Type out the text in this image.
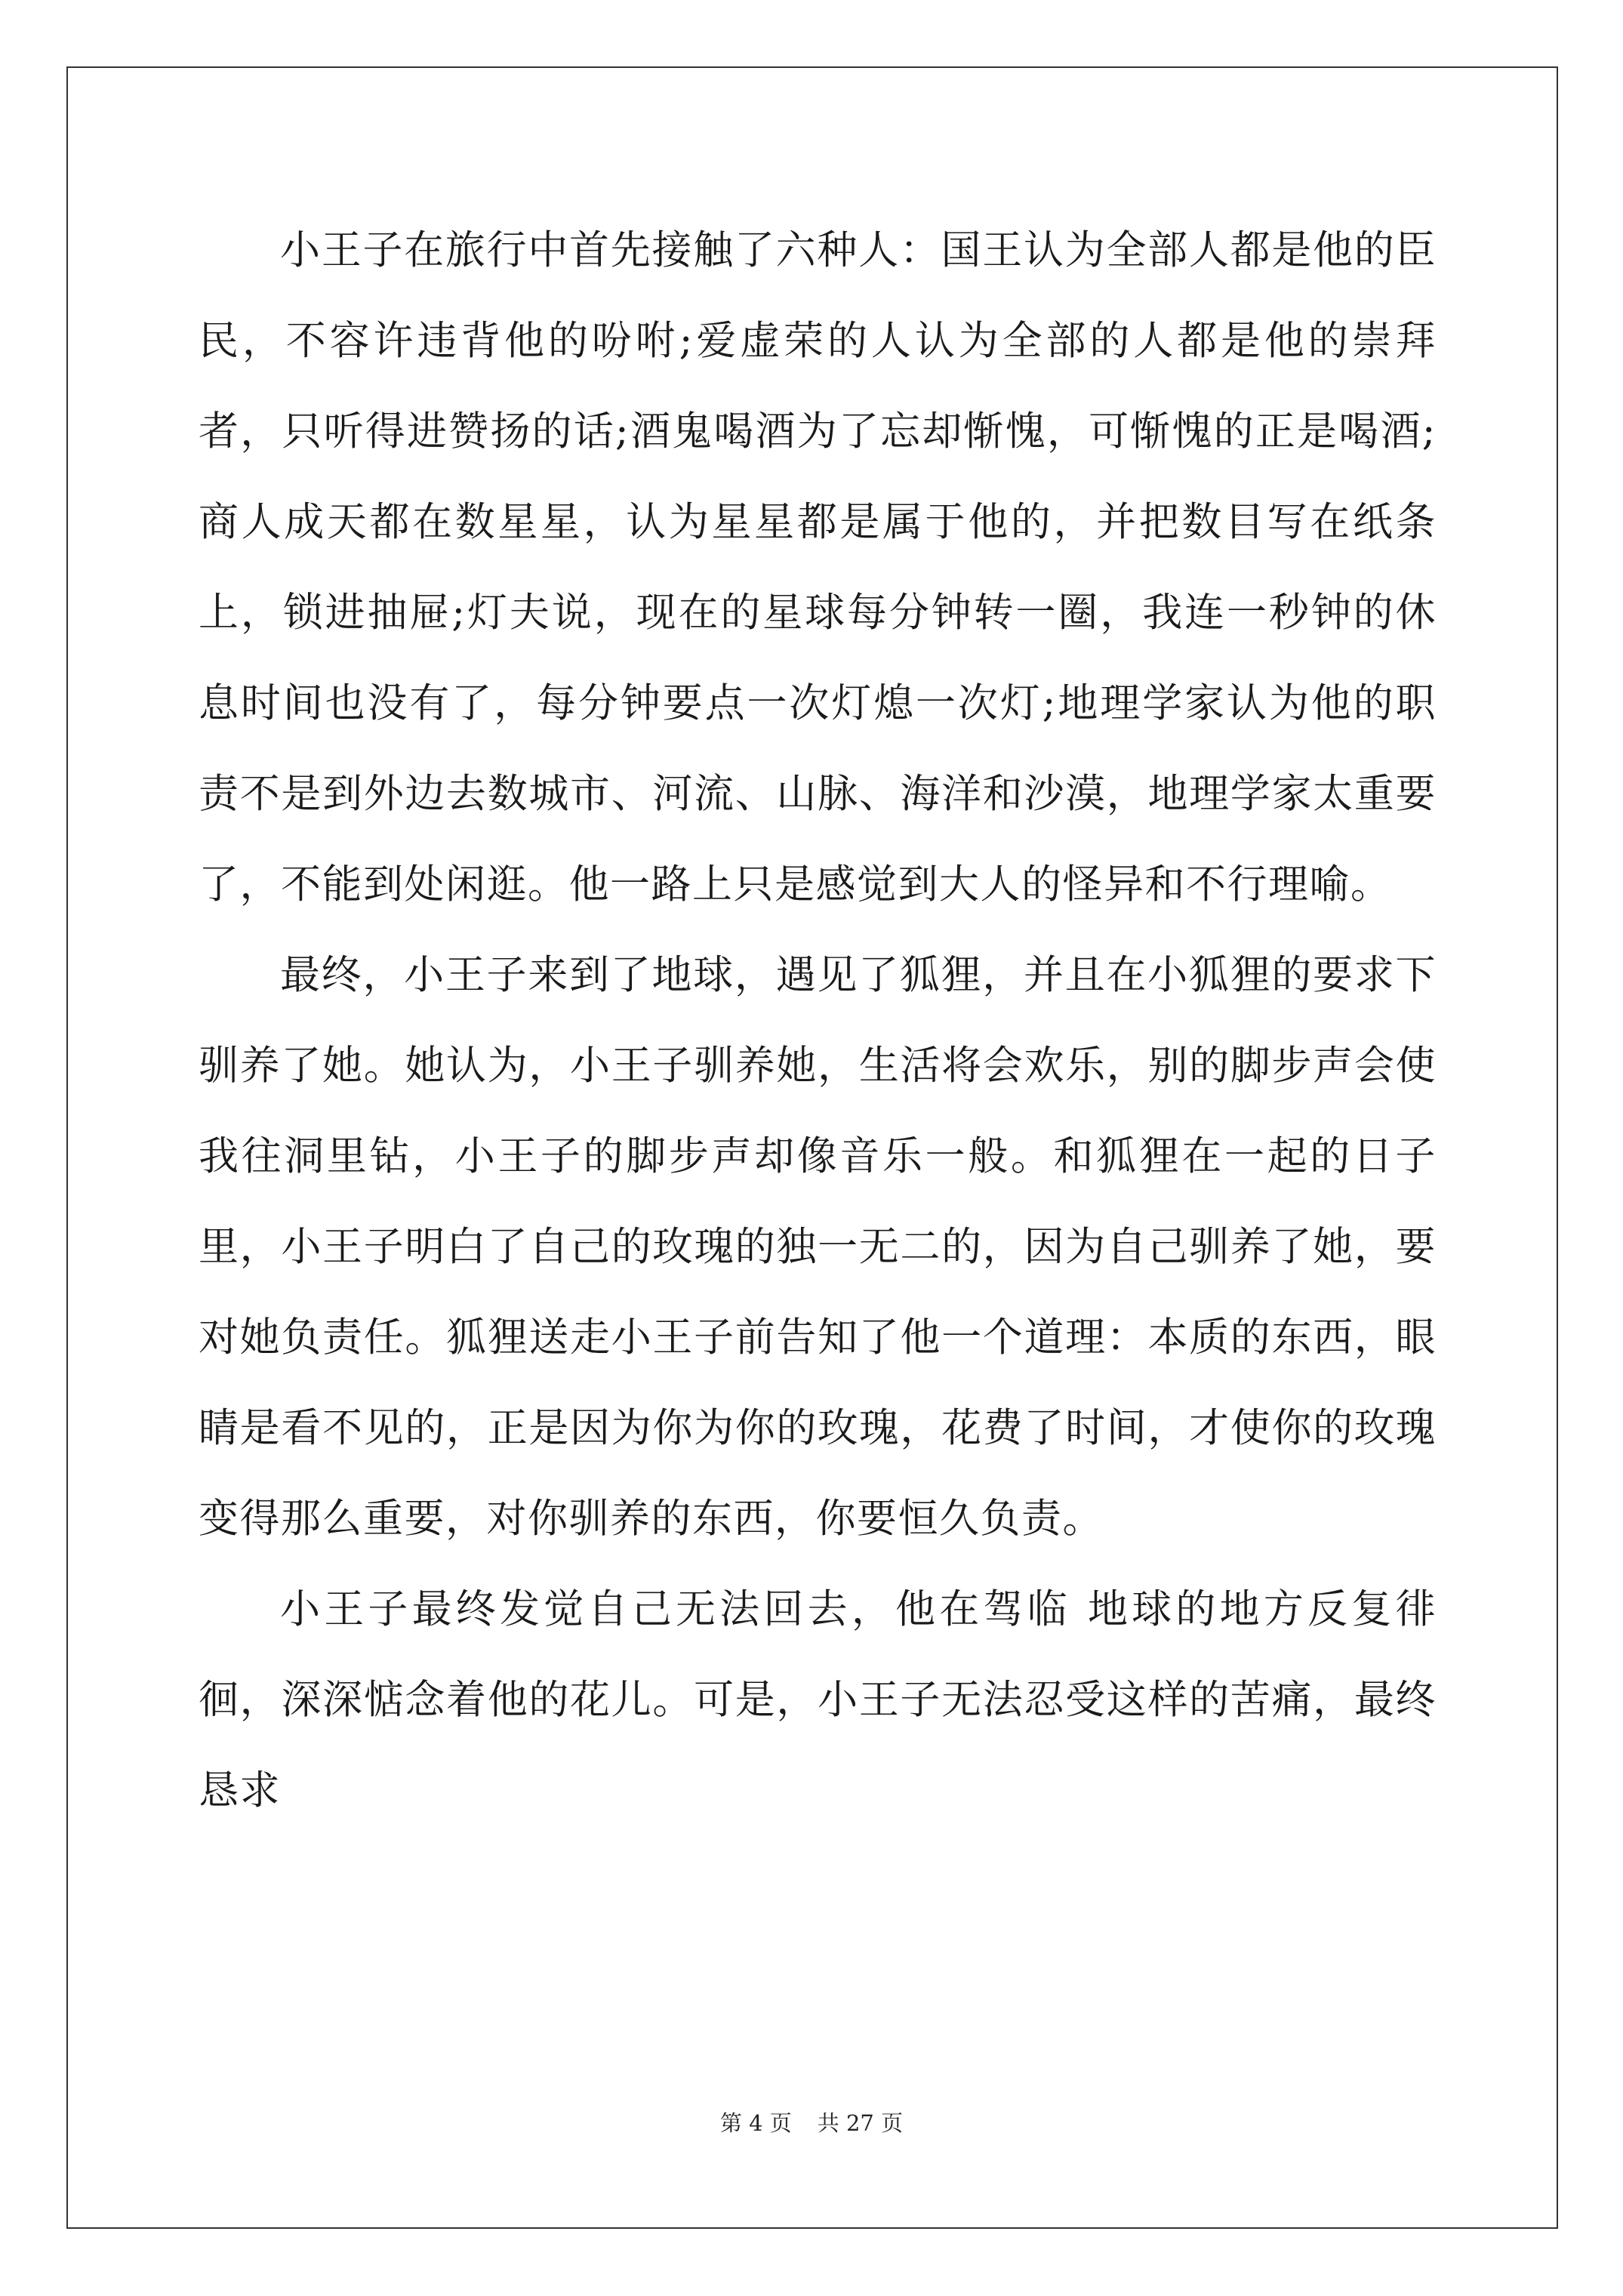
小王子在旅行中首先接触了六种人：国王认为全部人都是他的臣民，不容许违背他的吩咐;爱虚荣的人认为全部的人都是他的崇拜者，只听得进赞扬的话;酒鬼喝酒为了忘却惭愧，可惭愧的正是喝酒;商人成天都在数星星，认为星星都是属于他的，并把数目写在纸条上，锁进抽屉;灯夫说，现在的星球每分钟转一圈，我连一秒钟的休息时间也没有了，每分钟要点一次灯熄一次灯;地理学家认为他的职责不是到外边去数城市、河流、山脉、海洋和沙漠，地理学家太重要了，不能到处闲逛。他一路上只是感觉到大人的怪异和不行理喻。

最终，小王子来到了地球，遇见了狐狸，并且在小狐狸的要求下驯养了她。她认为，小王子驯养她，生活将会欢乐，别的脚步声会使我往洞里钻，小王子的脚步声却像音乐一般。和狐狸在一起的日子里，小王子明白了自己的玫瑰的独一无二的，因为自己驯养了她，要对她负责任。狐狸送走小王子前告知了他一个道理：本质的东西，眼睛是看不见的，正是因为你为你的玫瑰，花费了时间，才使你的玫瑰变得那么重要，对你驯养的东西，你要恒久负责。

小王子最终发觉自己无法回去，他在驾临 地球的地方反复徘徊，深深惦念着他的花儿。可是，小王子无法忍受这样的苦痛，最终恳求

第 4 页 共 27 页
